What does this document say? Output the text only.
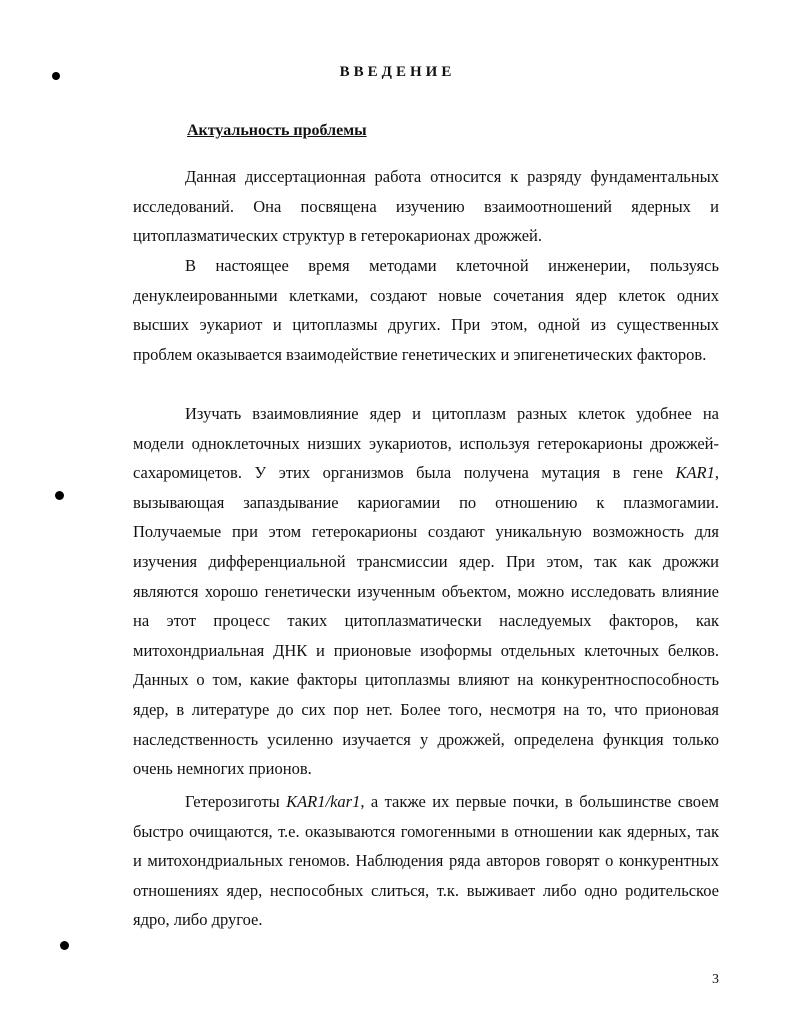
ВВЕДЕНИЕ
Актуальность проблемы

Данная диссертационная работа относится к разряду фундаментальных исследований. Она посвящена изучению взаимоотношений ядерных и цитоплазматических структур в гетерокарионах дрожжей.

В настоящее время методами клеточной инженерии, пользуясь денуклеированными клетками, создают новые сочетания ядер клеток одних высших эукариот и цитоплазмы других. При этом, одной из существенных проблем оказывается взаимодействие генетических и эпигенетических факторов.

Изучать взаимовлияние ядер и цитоплазм разных клеток удобнее на модели одноклеточных низших эукариотов, используя гетерокарионы дрожжей-сахаромицетов. У этих организмов была получена мутация в гене KAR1, вызывающая запаздывание кариогамии по отношению к плазмогамии. Получаемые при этом гетерокарионы создают уникальную возможность для изучения дифференциальной трансмиссии ядер. При этом, так как дрожжи являются хорошо генетически изученным объектом, можно исследовать влияние на этот процесс таких цитоплазматически наследуемых факторов, как митохондриальная ДНК и прионовые изоформы отдельных клеточных белков. Данных о том, какие факторы цитоплазмы влияют на конкурентноспособность ядер, в литературе до сих пор нет. Более того, несмотря на то, что прионовая наследственность усиленно изучается у дрожжей, определена функция только очень немногих прионов.

Гетерозиготы KAR1/kar1, а также их первые почки, в большинстве своем быстро очищаются, т.е. оказываются гомогенными в отношении как ядерных, так и митохондриальных геномов. Наблюдения ряда авторов говорят о конкурентных отношениях ядер, неспособных слиться, т.к. выживает либо одно родительское ядро, либо другое.

3
